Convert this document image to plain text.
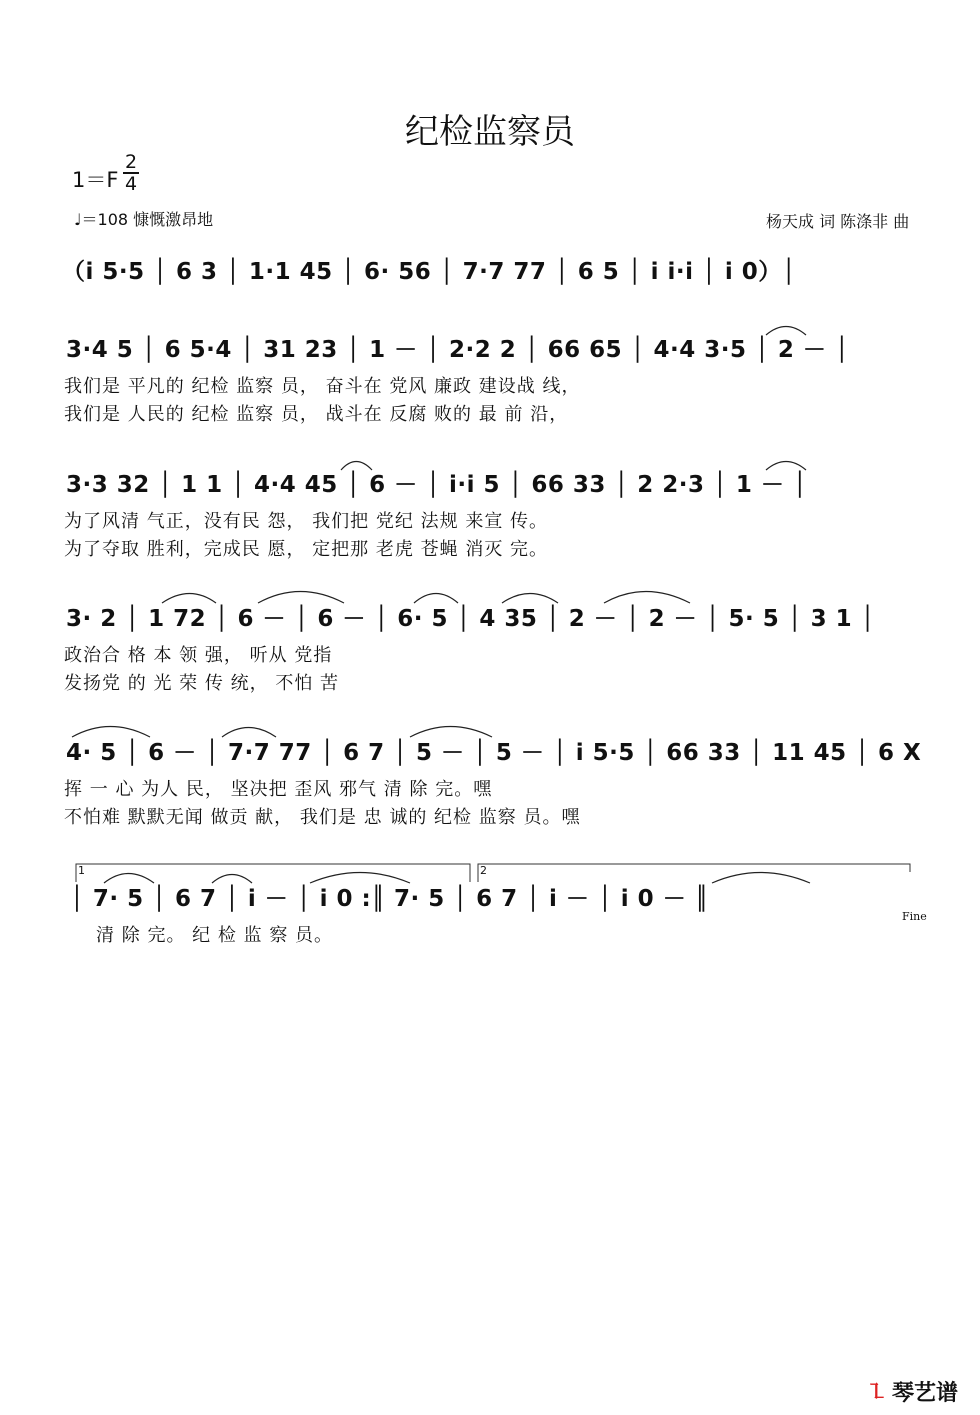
纪检监察员
1＝F
2
4
♩＝108 慷慨激昂地	杨天成 词 陈涤非 曲
（i 5·5 │ 6 3 │ 1·1 45 │ 6· 56 │ 7·7 77 │ 6 5 │ i i·i │ i 0）│
3·4 5 │ 6 5·4 │ 31 23 │ 1 － │ 2·2 2 │ 66 65 │ 4·4 3·5 │ 2 － │
我们是 平凡的 纪检 监察 员， 奋斗在 党风 廉政 建设战 线，
我们是 人民的 纪检 监察 员， 战斗在 反腐 败的 最 前 沿，
3·3 32 │ 1 1 │ 4·4 45 │ 6 － │ i·i 5 │ 66 33 │ 2 2·3 │ 1 － │
为了风清 气正，没有民 怨， 我们把 党纪 法规 来宣 传。
为了夺取 胜利，完成民 愿， 定把那 老虎 苍蝇 消灭 完。
3· 2 │ 1 72 │ 6 － │ 6 － │ 6· 5 │ 4 35 │ 2 － │ 2 － │ 5· 5 │ 3 1 │
政治合 格 本 领 强， 听从 党指
发扬党 的 光 荣 传 统， 不怕 苦
4· 5 │ 6 － │ 7·7 77 │ 6 7 │ 5 － │ 5 － │ i 5·5 │ 66 33 │ 11 45 │ 6 X
挥 一 心 为人 民， 坚决把 歪风 邪气 清 除 完。嘿
不怕难 默默无闻 做贡 献， 我们是 忠 诚的 纪检 监察 员。嘿
1	2
│ 7· 5 │ 6 7 │ i － │ i 0 :║ 7· 5 │ 6 7 │ i － │ i 0 － ║
清 除 完。 纪 检 监 察 员。
Fine
㇅ 琴艺谱
